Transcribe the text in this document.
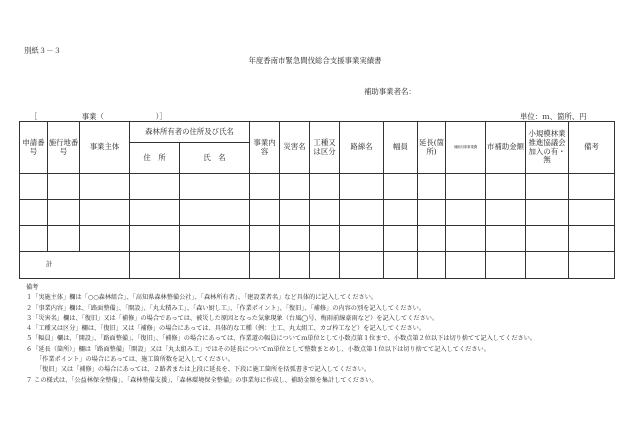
別紙３－３
年度香南市緊急間伐総合支援事業実績書
補助事業者名：
［　　　　　　事業（　　　　　　　）］	単位：ｍ、箇所、円
申請番号	施行地番号	事業主体	森林所有者の住所及び氏名		事業内容	災害名	工種又は区分	路線名	幅員	延長(箇所)	補助対象事業費	市補助金額	小規模林業推進協議会加入の有・無	備考
			住　所	氏　名										

計														
備考
１「実施主体」欄は「○○森林組合」、「高知県森林整備公社」、「森林所有者」、「建設業者名」など具体的に記入してください。
２「事業内容」欄は、「路面整備」、「開設」、「丸太積み工」、「森い厨し工」、「作業ポイント」、「復旧」、「補修」の内容の別を記入してください。
３「災害名」欄は、「復旧」又は「補修」の場合であっては、被災した原因となった気象現象（台風◯号、梅雨前線豪雨など）を記入してください。
４「工種又は区分」欄は、「復旧」又は「補修」の場合にあっては、具体的な工種（例：土工、丸太組工、カゴ枠工など）を記入してください。
５「幅員」欄は、「開設」、「路面整備」、「復旧」、「補修」の場合にあっては、作業道の幅員についてｍ単位として小数点第１位まで、小数点第２位以下は切り捨てて記入してください。
６「延長（箇所）」欄は「路面整備」「開設」又は「丸太組み工」ではその延長についてｍ単位として整数まとめし、小数点第１位以下は切り捨てて記入してください。
「作業ポイント」の場合にあっては、施工箇所数を記入してください。
「復旧」又は「補修」の場合にあっては、２路者または上段に延長を、下段に施工箇所を括弧書きで記入してください。
７ この様式は、「公益林保全整備」、「森林整備支援」、「森林環境保全整備」の事業毎に作成し、補助金額を集計してください。
